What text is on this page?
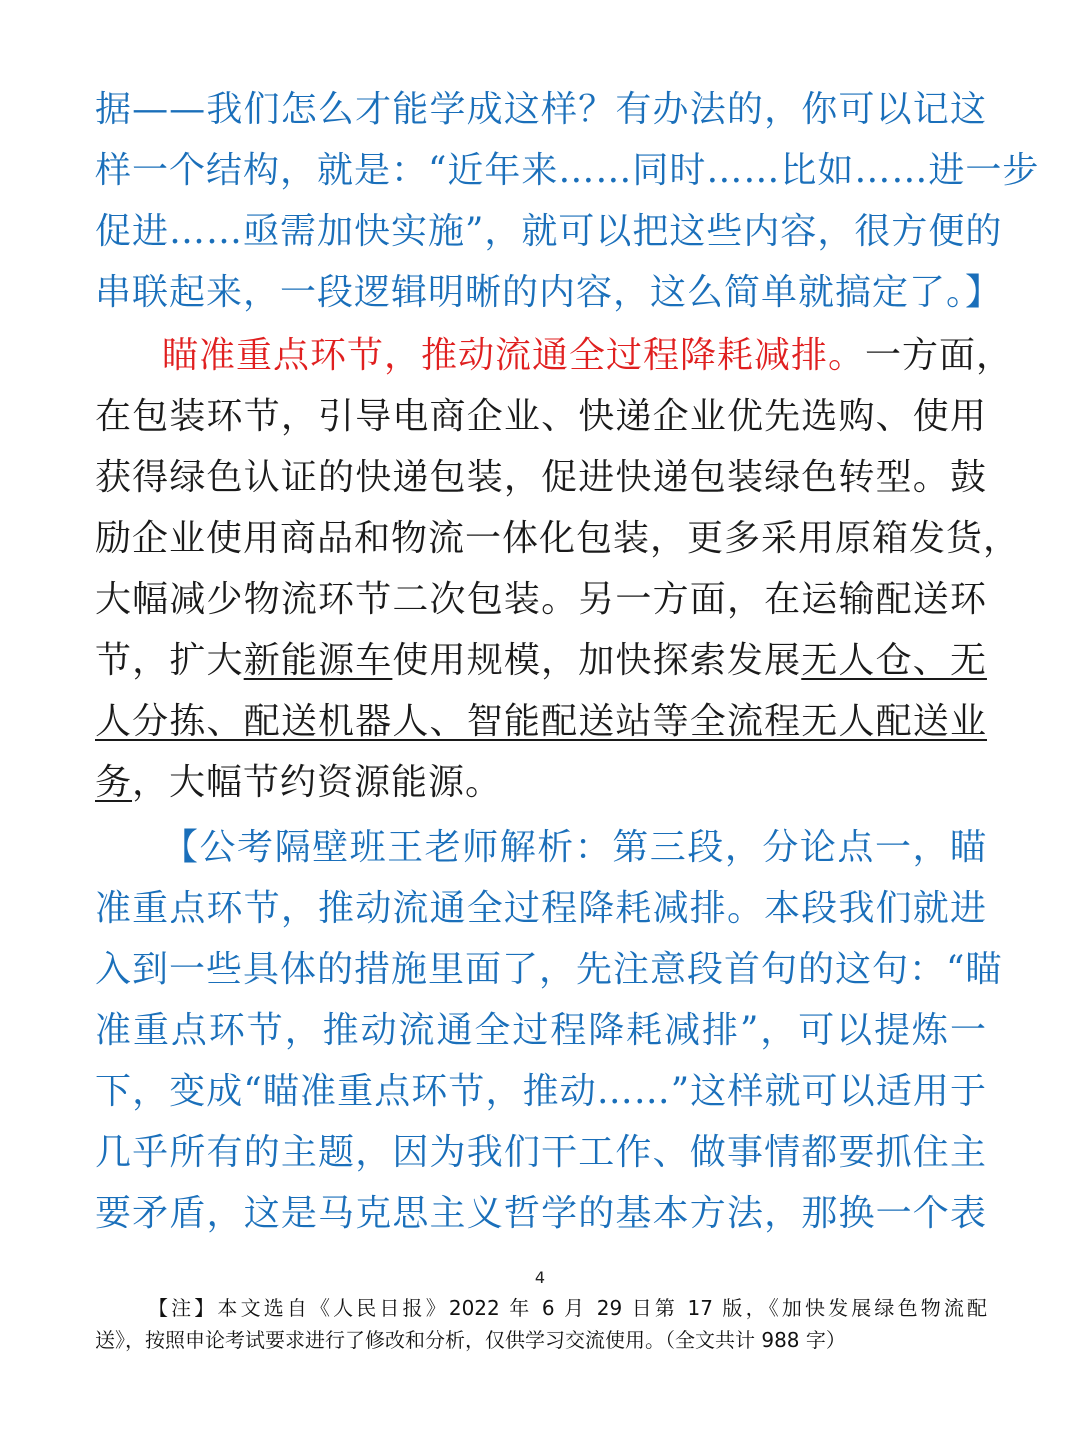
据——我们怎么才能学成这样？有办法的，你可以记这
样一个结构，就是：“近年来……同时……比如……进一步
促进……亟需加快实施”，就可以把这些内容，很方便的
串联起来，一段逻辑明晰的内容，这么简单就搞定了。】
瞄准重点环节，推动流通全过程降耗减排。一方面，
在包装环节，引导电商企业、快递企业优先选购、使用
获得绿色认证的快递包装，促进快递包装绿色转型。鼓
励企业使用商品和物流一体化包装，更多采用原箱发货，
大幅减少物流环节二次包装。另一方面，在运输配送环
节，扩大新能源车使用规模，加快探索发展无人仓、无
人分拣、配送机器人、智能配送站等全流程无人配送业
务，大幅节约资源能源。
【公考隔壁班王老师解析：第三段，分论点一，瞄
准重点环节，推动流通全过程降耗减排。本段我们就进
入到一些具体的措施里面了，先注意段首句的这句：“瞄
准重点环节，推动流通全过程降耗减排”，可以提炼一
下，变成“瞄准重点环节，推动……”这样就可以适用于
几乎所有的主题，因为我们干工作、做事情都要抓住主
要矛盾，这是马克思主义哲学的基本方法，那换一个表
4
【注】本文选自《人民日报》2022 年 6 月 29 日第 17 版，《加快发展绿色物流配
送》，按照申论考试要求进行了修改和分析，仅供学习交流使用。（全文共计 988 字）
